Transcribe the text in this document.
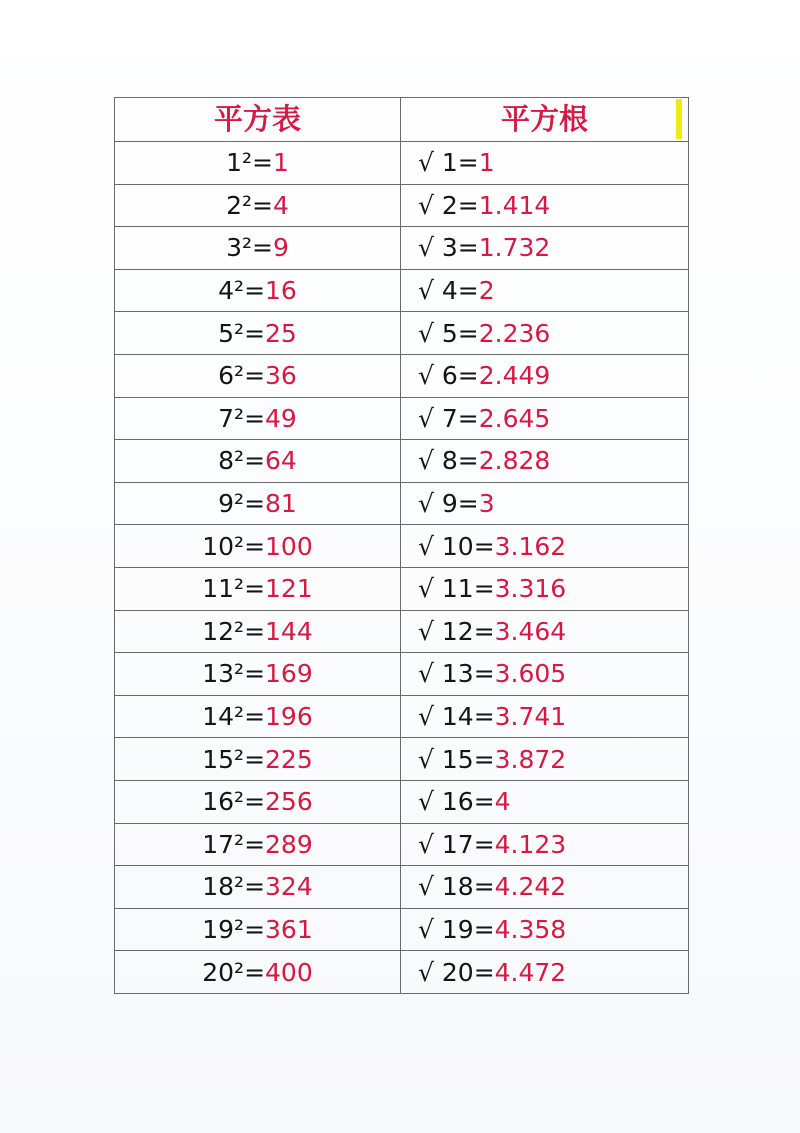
平方表	平方根
1²=1	√ 1=1
2²=4	√ 2=1.414
3²=9	√ 3=1.732
4²=16	√ 4=2
5²=25	√ 5=2.236
6²=36	√ 6=2.449
7²=49	√ 7=2.645
8²=64	√ 8=2.828
9²=81	√ 9=3
10²=100	√ 10=3.162
11²=121	√ 11=3.316
12²=144	√ 12=3.464
13²=169	√ 13=3.605
14²=196	√ 14=3.741
15²=225	√ 15=3.872
16²=256	√ 16=4
17²=289	√ 17=4.123
18²=324	√ 18=4.242
19²=361	√ 19=4.358
20²=400	√ 20=4.472
